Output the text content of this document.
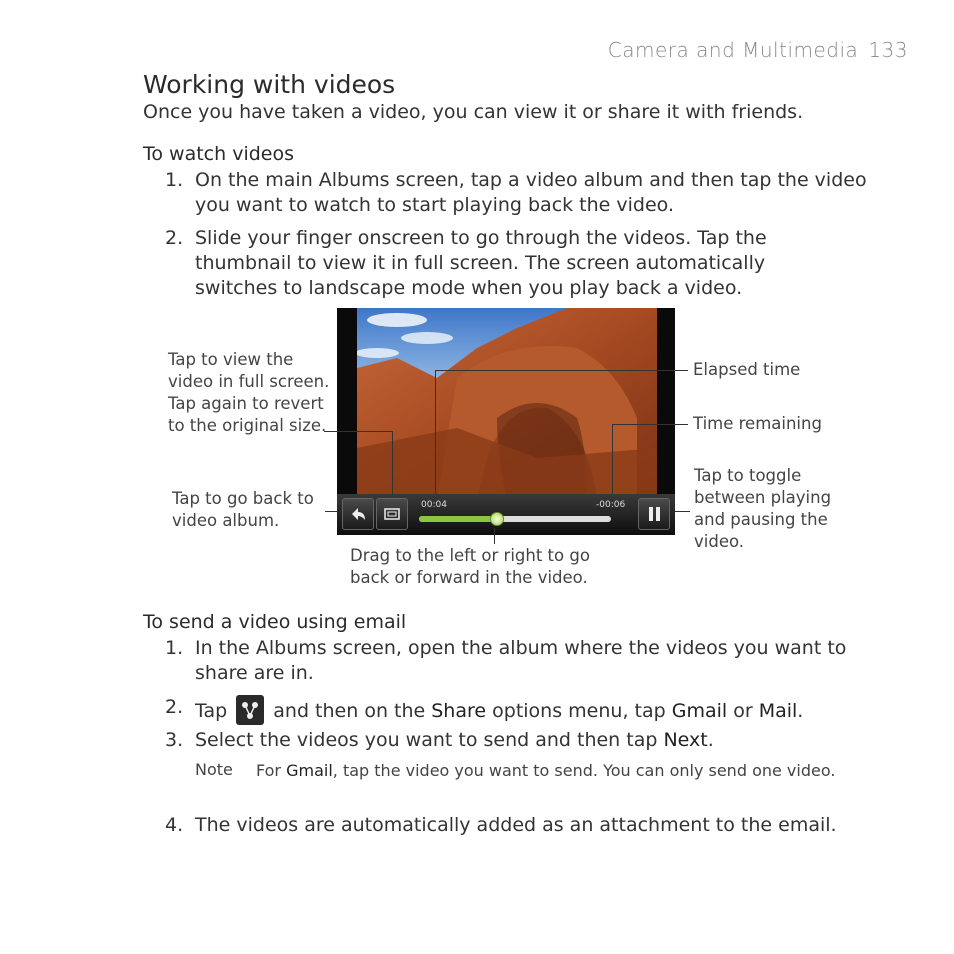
Camera and Multimedia 133
Working with videos
Once you have taken a video, you can view it or share it with friends.
To watch videos
1. On the main Albums screen, tap a video album and then tap the video you want to watch to start playing back the video.
2. Slide your finger onscreen to go through the videos. Tap the thumbnail to view it in full screen. The screen automatically switches to landscape mode when you play back a video.
00:04	-00:06
Tap to view the video in full screen. Tap again to revert to the original size.
Tap to go back to video album.
Elapsed time
Time remaining
Tap to toggle between playing and pausing the video.
Drag to the left or right to go back or forward in the video.
To send a video using email
1. In the Albums screen, open the album where the videos you want to share are in.
2. Tap and then on the Share options menu, tap Gmail or Mail.
3. Select the videos you want to send and then tap Next.
Note For Gmail, tap the video you want to send. You can only send one video.
4. The videos are automatically added as an attachment to the email.
